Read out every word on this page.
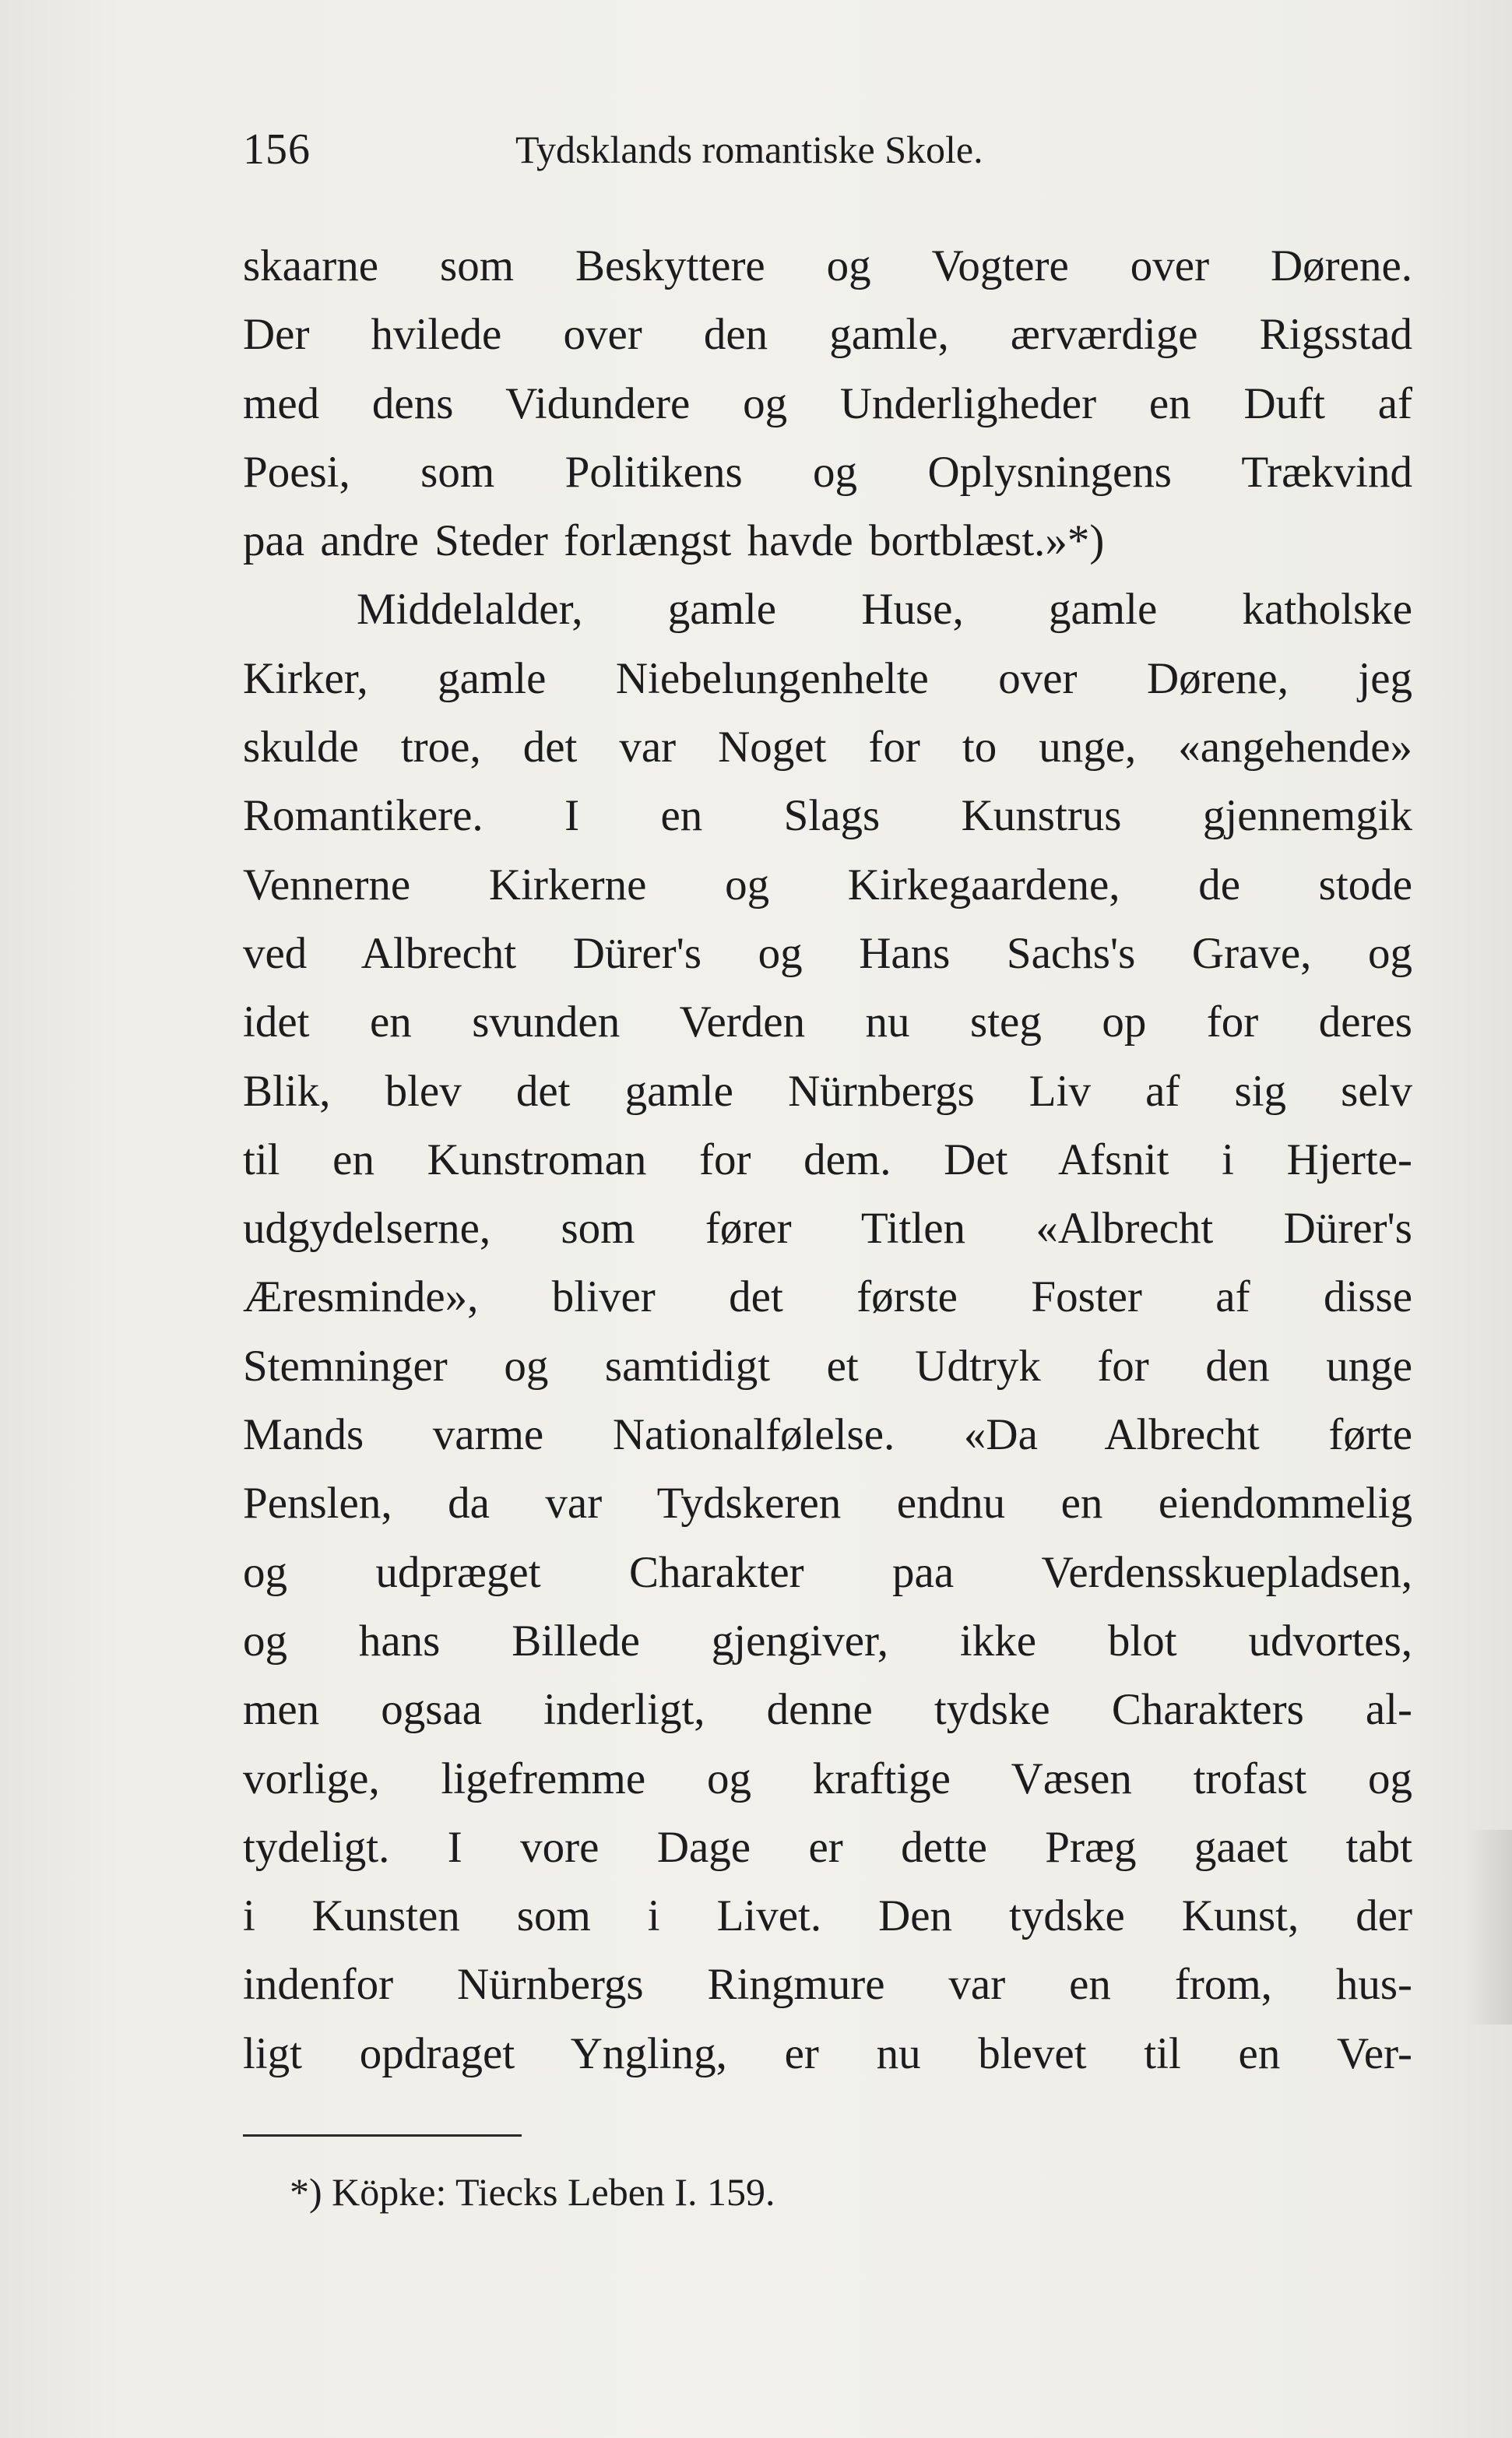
156	Tydsklands romantiske Skole.
skaarne som Beskyttere og Vogtere over Dørene.
Der hvilede over den gamle, ærværdige Rigsstad
med dens Vidundere og Underligheder en Duft af
Poesi, som Politikens og Oplysningens Trækvind
paa andre Steder forlængst havde bortblæst.»*)
Middelalder, gamle Huse, gamle katholske
Kirker, gamle Niebelungenhelte over Dørene, jeg
skulde troe, det var Noget for to unge, «angehende»
Romantikere. I en Slags Kunstrus gjennemgik
Vennerne Kirkerne og Kirkegaardene, de stode
ved Albrecht Dürer's og Hans Sachs's Grave, og
idet en svunden Verden nu steg op for deres
Blik, blev det gamle Nürnbergs Liv af sig selv
til en Kunstroman for dem. Det Afsnit i Hjerte-
udgydelserne, som fører Titlen «Albrecht Dürer's
Æresminde», bliver det første Foster af disse
Stemninger og samtidigt et Udtryk for den unge
Mands varme Nationalfølelse. «Da Albrecht førte
Penslen, da var Tydskeren endnu en eiendommelig
og udpræget Charakter paa Verdensskuepladsen,
og hans Billede gjengiver, ikke blot udvortes,
men ogsaa inderligt, denne tydske Charakters al-
vorlige, ligefremme og kraftige Væsen trofast og
tydeligt. I vore Dage er dette Præg gaaet tabt
i Kunsten som i Livet. Den tydske Kunst, der
indenfor Nürnbergs Ringmure var en from, hus-
ligt opdraget Yngling, er nu blevet til en Ver-
*) Köpke: Tiecks Leben I. 159.
